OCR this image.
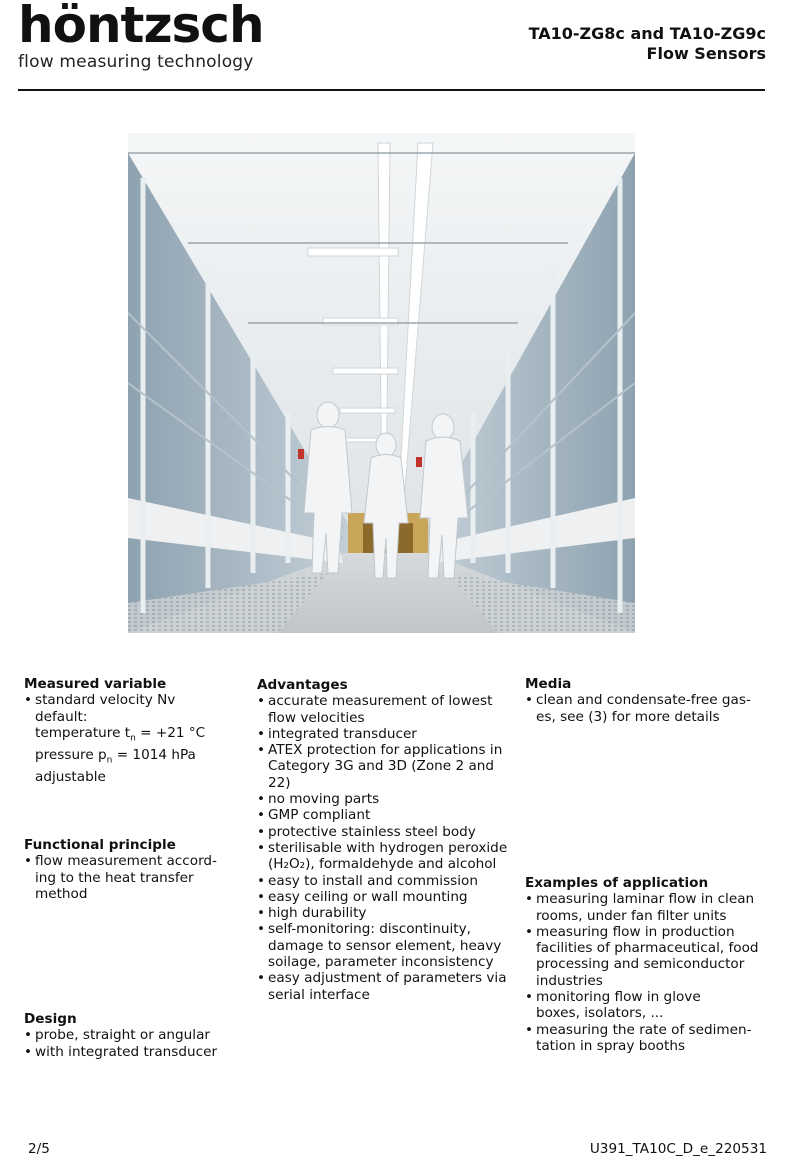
höntzsch
flow measuring technology
TA10-ZG8c and TA10-ZG9c
Flow Sensors
Measured variable
• standard velocity Nv
default:
temperature $t_n = +21$ °C
pressure $p_n = 1014$ hPa
adjustable
Functional principle
• flow measurement accord-ing to the heat transfer method
Design
• probe, straight or angular
• with integrated transducer
Advantages
• accurate measurement of lowest flow velocities
• integrated transducer
• ATEX protection for applications in Category 3G and 3D (Zone 2 and 22)
• no moving parts
• GMP compliant
• protective stainless steel body
• sterilisable with hydrogen peroxide (H₂O₂), formaldehyde and alcohol
• easy to install and commission
• easy ceiling or wall mounting
• high durability
• self-monitoring: discontinuity, damage to sensor element, heavy soilage, parameter inconsistency
• easy adjustment of parameters via serial interface
Media
• clean and condensate-free gas-es, see (3) for more details
Examples of application
• measuring laminar flow in clean rooms, under fan filter units
• measuring flow in production facilities of pharmaceutical, food processing and semiconductor industries
• monitoring flow in glove boxes, isolators, ...
• measuring the rate of sedimen-tation in spray booths
2/5	U391_TA10C_D_e_220531
